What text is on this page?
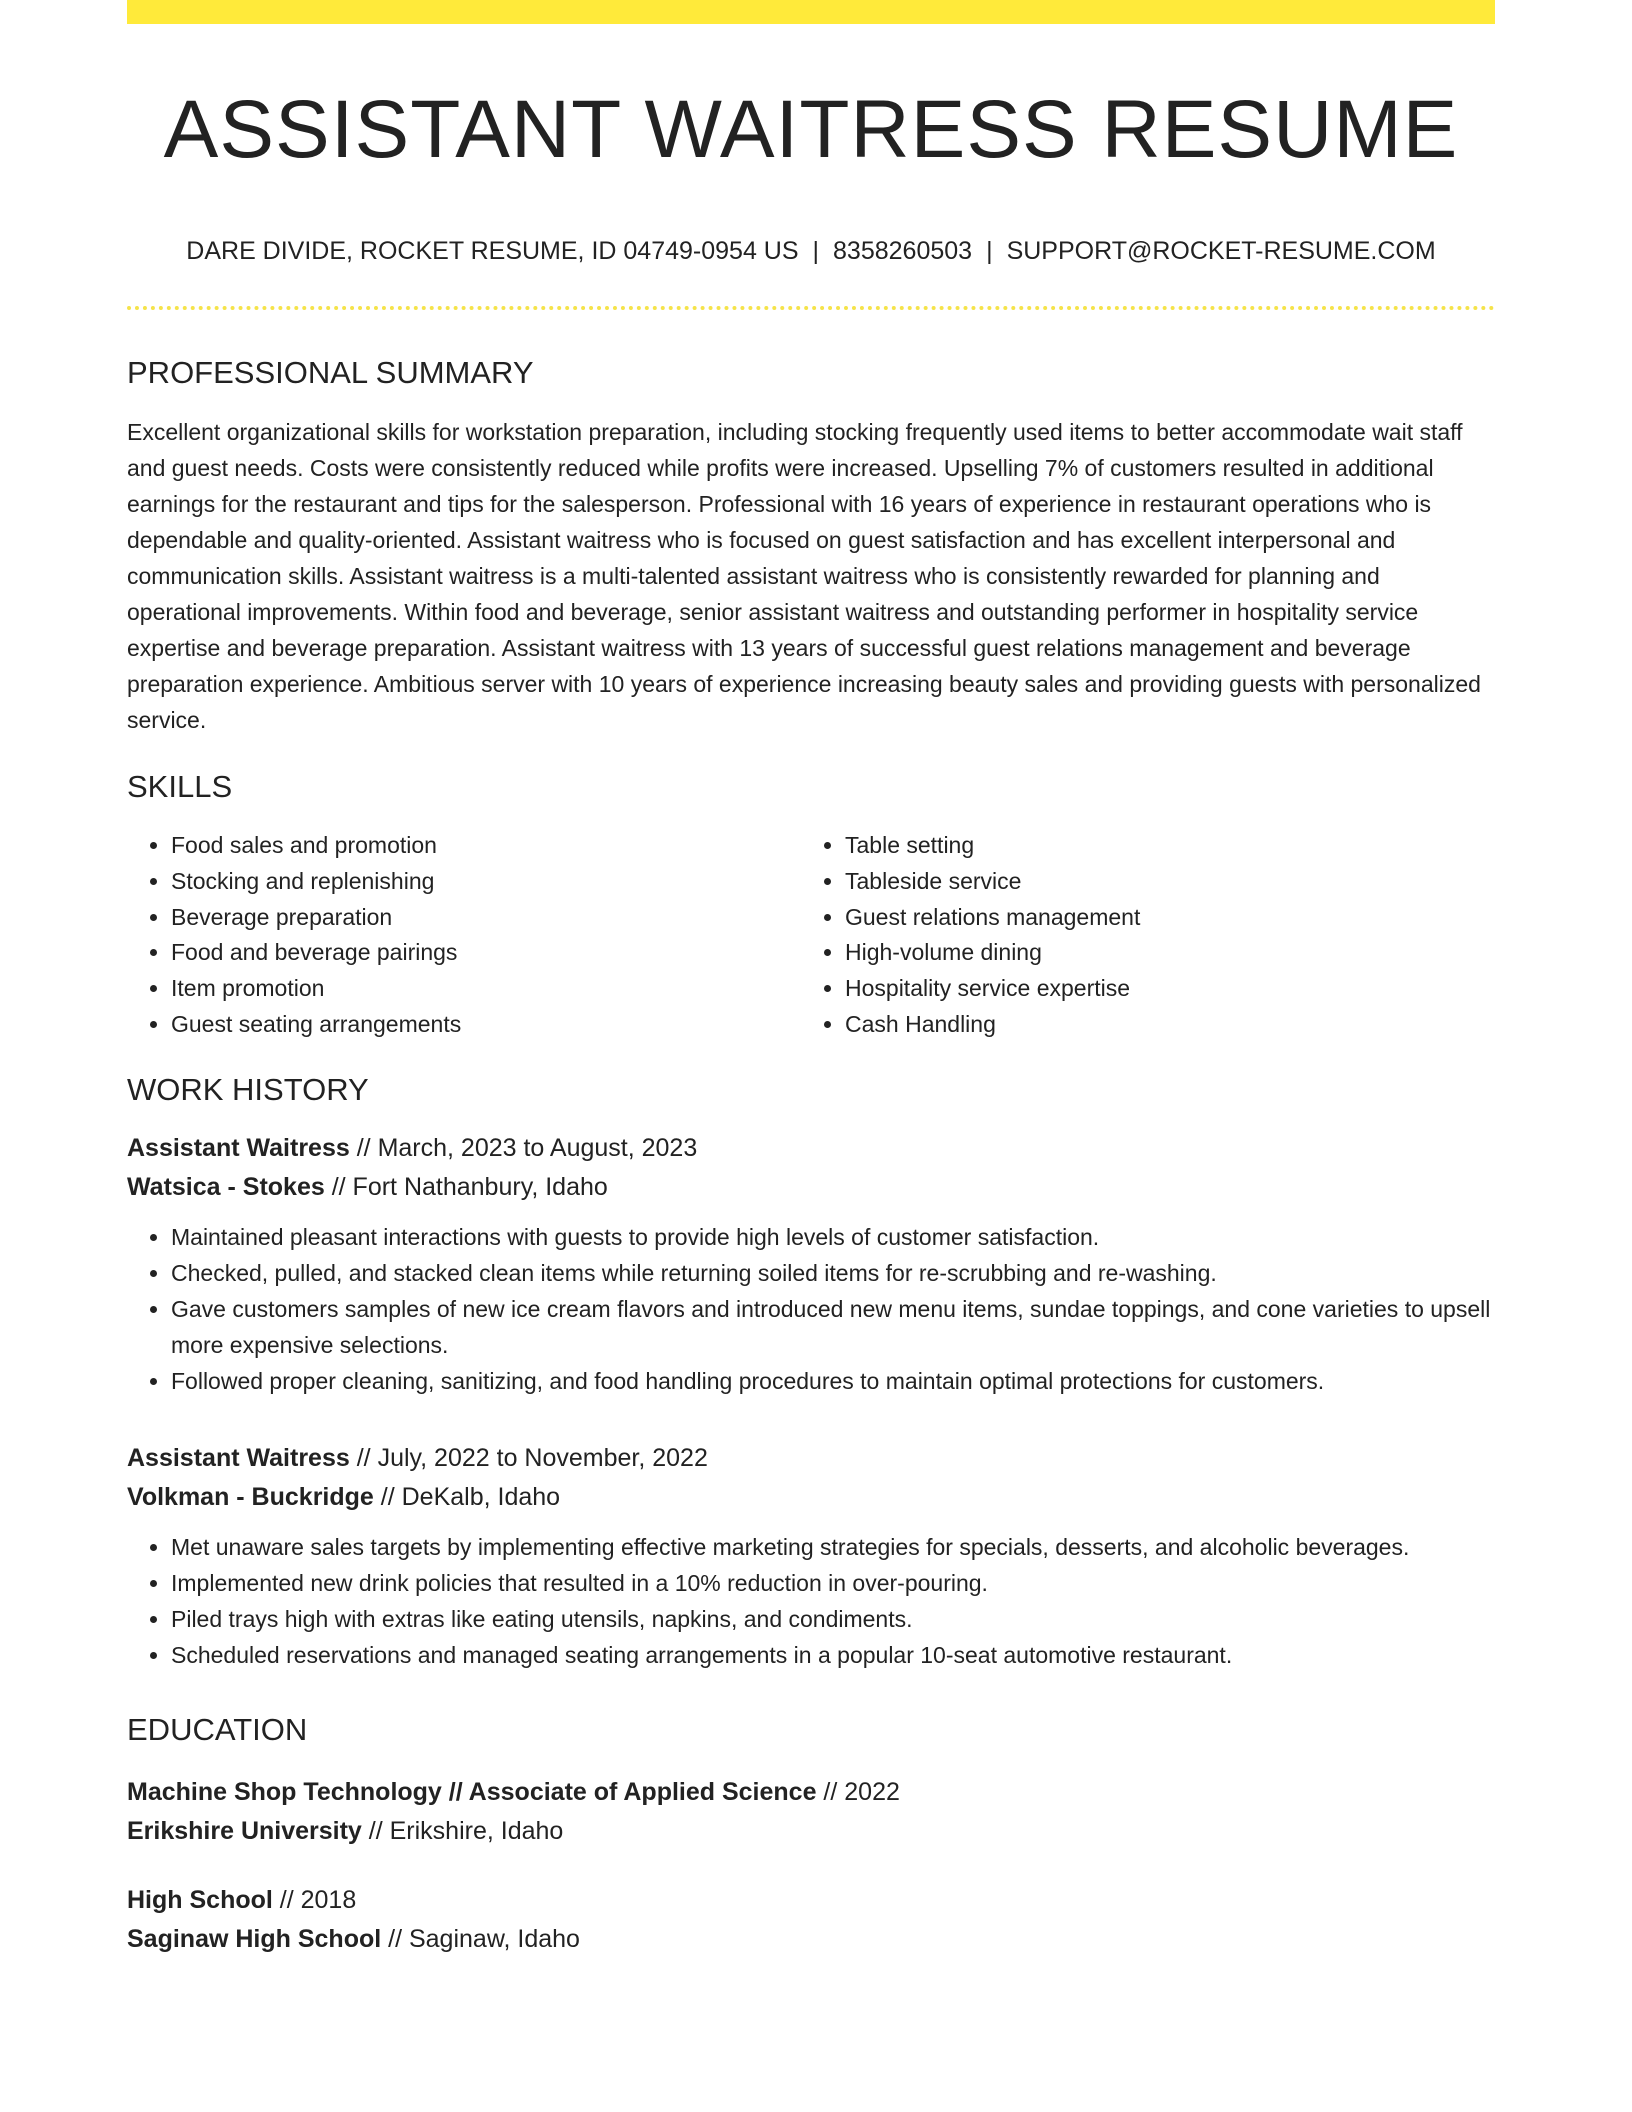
ASSISTANT WAITRESS RESUME
DARE DIVIDE, ROCKET RESUME, ID 04749-0954 US | 8358260503 | SUPPORT@ROCKET-RESUME.COM
PROFESSIONAL SUMMARY

Excellent organizational skills for workstation preparation, including stocking frequently used items to better accommodate wait staff and guest needs. Costs were consistently reduced while profits were increased. Upselling 7% of customers resulted in additional earnings for the restaurant and tips for the salesperson. Professional with 16 years of experience in restaurant operations who is dependable and quality-oriented. Assistant waitress who is focused on guest satisfaction and has excellent interpersonal and communication skills. Assistant waitress is a multi-talented assistant waitress who is consistently rewarded for planning and operational improvements. Within food and beverage, senior assistant waitress and outstanding performer in hospitality service expertise and beverage preparation. Assistant waitress with 13 years of successful guest relations management and beverage preparation experience. Ambitious server with 10 years of experience increasing beauty sales and providing guests with personalized service.

SKILLS
• Food sales and promotion
• Stocking and replenishing
• Beverage preparation
• Food and beverage pairings
• Item promotion
• Guest seating arrangements
• Table setting
• Tableside service
• Guest relations management
• High-volume dining
• Hospitality service expertise
• Cash Handling
WORK HISTORY
Assistant Waitress // March, 2023 to August, 2023
Watsica - Stokes // Fort Nathanbury, Idaho
• Maintained pleasant interactions with guests to provide high levels of customer satisfaction.
• Checked, pulled, and stacked clean items while returning soiled items for re-scrubbing and re-washing.
• Gave customers samples of new ice cream flavors and introduced new menu items, sundae toppings, and cone varieties to upsell more expensive selections.
• Followed proper cleaning, sanitizing, and food handling procedures to maintain optimal protections for customers.
Assistant Waitress // July, 2022 to November, 2022
Volkman - Buckridge // DeKalb, Idaho
• Met unaware sales targets by implementing effective marketing strategies for specials, desserts, and alcoholic beverages.
• Implemented new drink policies that resulted in a 10% reduction in over-pouring.
• Piled trays high with extras like eating utensils, napkins, and condiments.
• Scheduled reservations and managed seating arrangements in a popular 10-seat automotive restaurant.
EDUCATION
Machine Shop Technology // Associate of Applied Science // 2022
Erikshire University // Erikshire, Idaho
High School // 2018
Saginaw High School // Saginaw, Idaho
